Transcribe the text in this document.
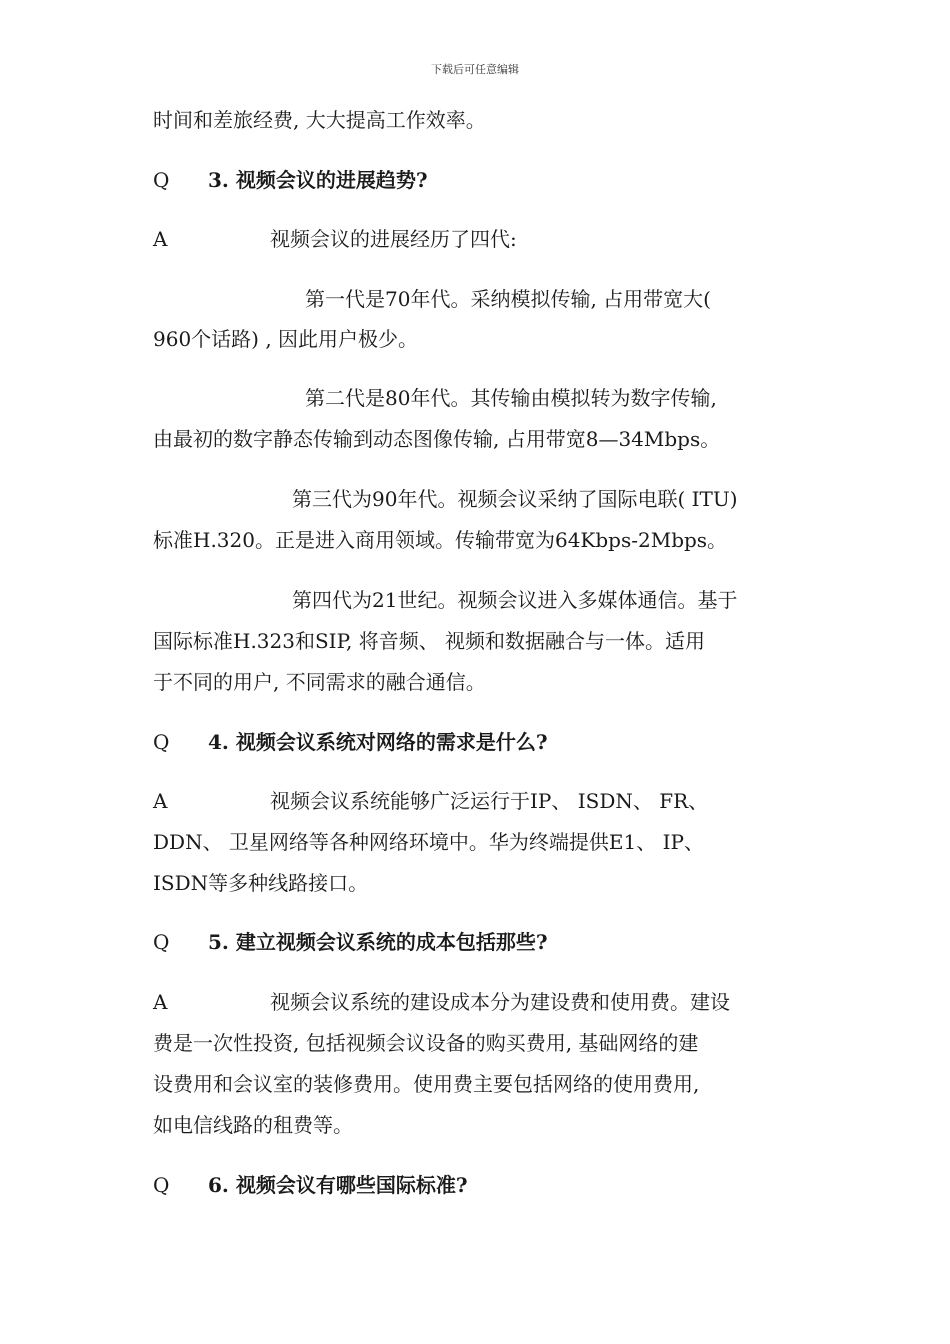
下载后可任意编辑
时间和差旅经费, 大大提高工作效率。
Q 3. 视频会议的进展趋势?
A	视频会议的进展经历了四代:
第一代是70年代。采纳模拟传输, 占用带宽大(
960个话路) , 因此用户极少。
第二代是80年代。其传输由模拟转为数字传输,
由最初的数字静态传输到动态图像传输, 占用带宽8—34Mbps。
第三代为90年代。视频会议采纳了国际电联( ITU)
标准H.320。正是进入商用领域。传输带宽为64Kbps-2Mbps。
第四代为21世纪。视频会议进入多媒体通信。基于
国际标准H.323和SIP, 将音频、 视频和数据融合与一体。适用
于不同的用户, 不同需求的融合通信。
Q 4. 视频会议系统对网络的需求是什么?
A	视频会议系统能够广泛运行于IP、 ISDN、 FR、
DDN、 卫星网络等各种网络环境中。华为终端提供E1、 IP、
ISDN等多种线路接口。
Q 5. 建立视频会议系统的成本包括那些?
A	视频会议系统的建设成本分为建设费和使用费。建设
费是一次性投资, 包括视频会议设备的购买费用, 基础网络的建
设费用和会议室的装修费用。使用费主要包括网络的使用费用,
如电信线路的租费等。
Q 6. 视频会议有哪些国际标准?
